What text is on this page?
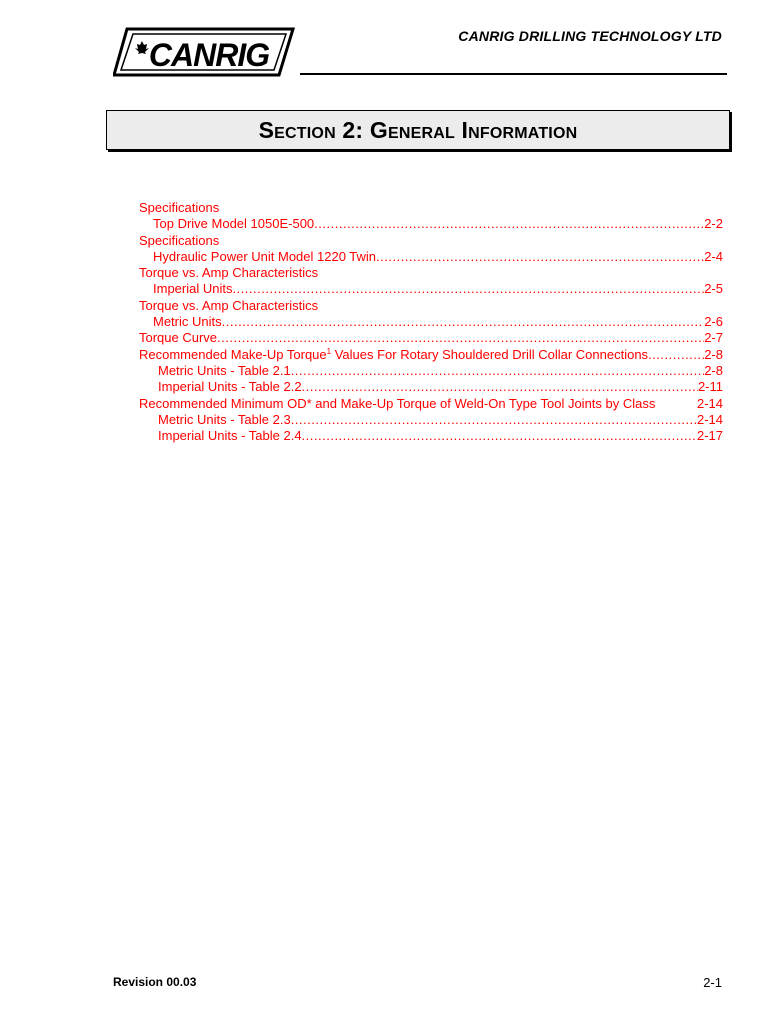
CANRIG
CANRIG DRILLING TECHNOLOGY LTD
Section 2: General Information
Specifications
Top Drive Model 1050E-500 .....	2-2
Specifications
Hydraulic Power Unit Model 1220 Twin .....	2-4
Torque vs. Amp Characteristics
Imperial Units .....	2-5
Torque vs. Amp Characteristics
Metric Units .....	2-6
Torque Curve .....	2-7
Recommended Make-Up Torque$^1$ Values For Rotary Shouldered Drill Collar Connections .....	2-8
Metric Units - Table 2.1 .....	2-8
Imperial Units - Table 2.2 .....	2-11
Recommended Minimum OD* and Make-Up Torque of Weld-On Type Tool Joints by Class	2-14
Metric Units - Table 2.3 .....	2-14
Imperial Units - Table 2.4 .....	2-17
Revision 00.03	2-1
